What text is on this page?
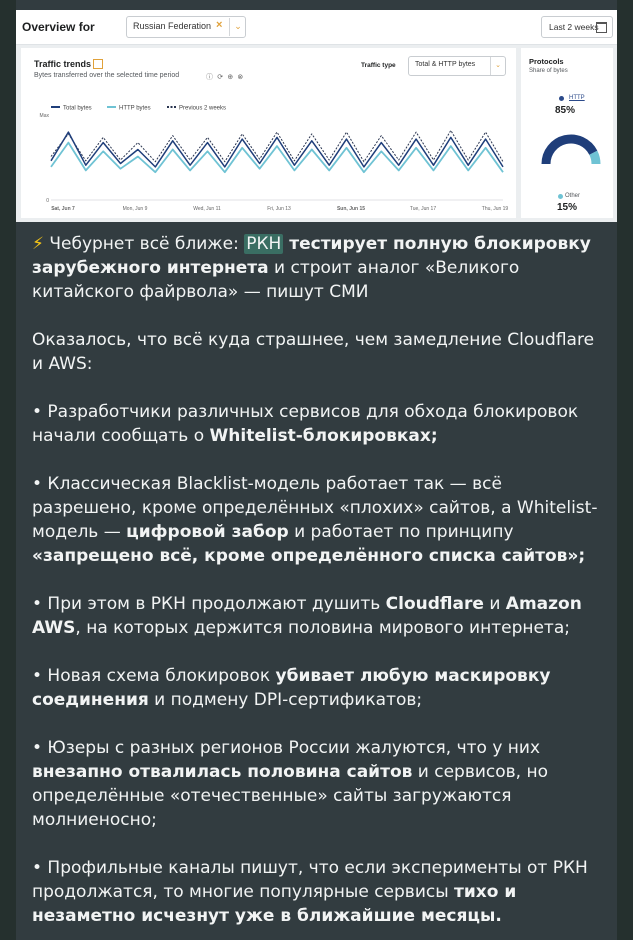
Overview for	Russian Federation ×	⌄	Last 2 weeks
Traffic trends
Bytes transferred over the selected time period	ⓘ ⟳ ⊕ ⊗
Traffic type	Total & HTTP bytes	⌄
Total bytes	HTTP bytes	Previous 2 weeks
Max
0
Sat, Jun 7	Mon, Jun 9	Wed, Jun 11	Fri, Jun 13	Sun, Jun 15	Tue, Jun 17	Thu, Jun 19
Protocols
Share of bytes
HTTP
85%
Other
15%
⚡ Чебурнет всё ближе: РКН тестирует полную блокировку зарубежного интернета и строит аналог «Великого китайского файрвола» — пишут СМИ
Оказалось, что всё куда страшнее, чем замедление Cloudflare и AWS:
• Разработчики различных сервисов для обхода блокировок начали сообщать о Whitelist-блокировках;
• Классическая Blacklist-модель работает так — всё разрешено, кроме определённых «плохих» сайтов, а Whitelist-модель — цифровой забор и работает по принципу «запрещено всё, кроме определённого списка сайтов»;
• При этом в РКН продолжают душить Cloudflare и Amazon AWS, на которых держится половина мирового интернета;
• Новая схема блокировок убивает любую маскировку соединения и подмену DPI-сертификатов;
• Юзеры с разных регионов России жалуются, что у них внезапно отвалилась половина сайтов и сервисов, но определённые «отечественные» сайты загружаются молниеносно;
• Профильные каналы пишут, что если эксперименты от РКН продолжатся, то многие популярные сервисы тихо и незаметно исчезнут уже в ближайшие месяцы.
